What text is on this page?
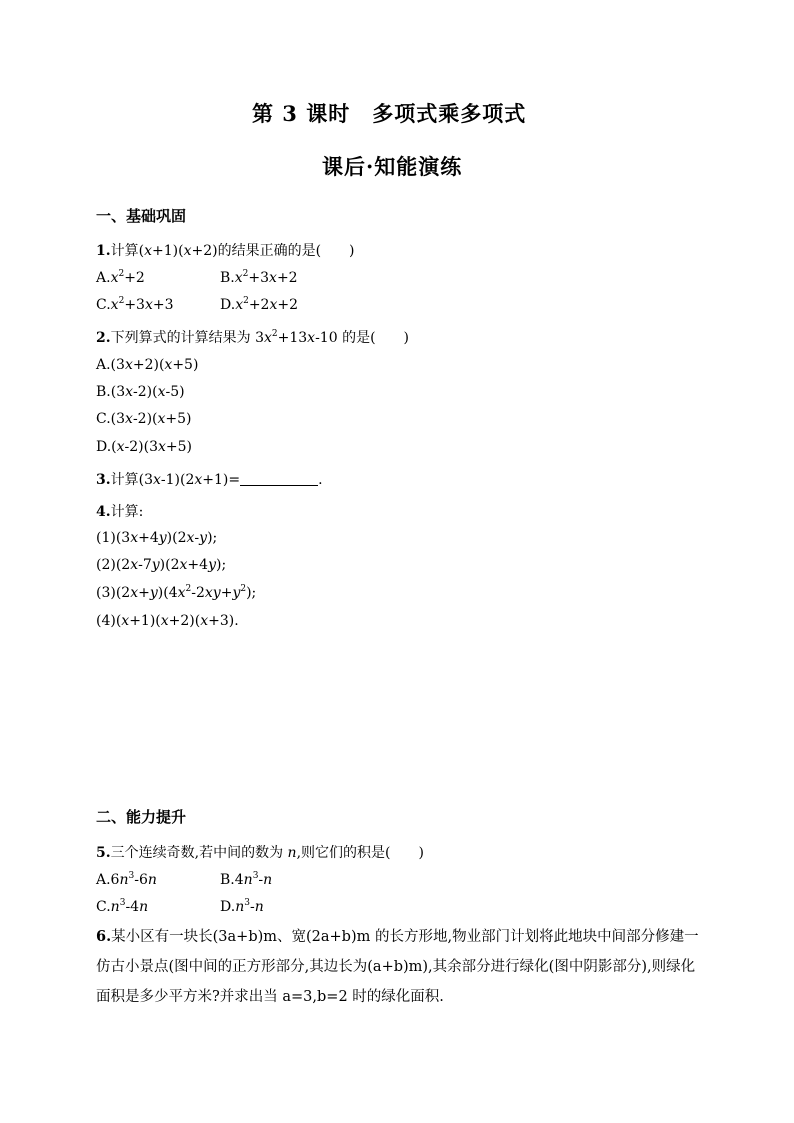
第 3 课时　多项式乘多项式
课后·知能演练
一、基础巩固
1.计算(x+1)(x+2)的结果正确的是(　　)
$A.x^2+2$	$B.x^2+3x+2$
$C.x^2+3x+3$	$D.x^2+2x+2$
2.下列算式的计算结果为 $3x^2+13x-10$ 的是(　　)
A.(3x+2)(x+5)
B.(3x-2)(x-5)
C.(3x-2)(x+5)
D.(x-2)(3x+5)
3.计算(3x-1)(2x+1)=	.
4.计算:
(1)(3x+4y)(2x-y);
(2)(2x-7y)(2x+4y);
$(3)(2x+y)(4x^2-2xy+y^2)$;
(4)(x+1)(x+2)(x+3).
二、能力提升
5.三个连续奇数,若中间的数为 n,则它们的积是(　　)
$A.6n^3-6n$	$B.4n^3-n$
$C.n^3-4n$	$D.n^3-n$
6.某小区有一块长(3a+b)m、宽(2a+b)m 的长方形地,物业部门计划将此地块中间部分修建一仿古小景点(图中间的正方形部分,其边长为(a+b)m),其余部分进行绿化(图中阴影部分),则绿化面积是多少平方米?并求出当 a=3,b=2 时的绿化面积.
